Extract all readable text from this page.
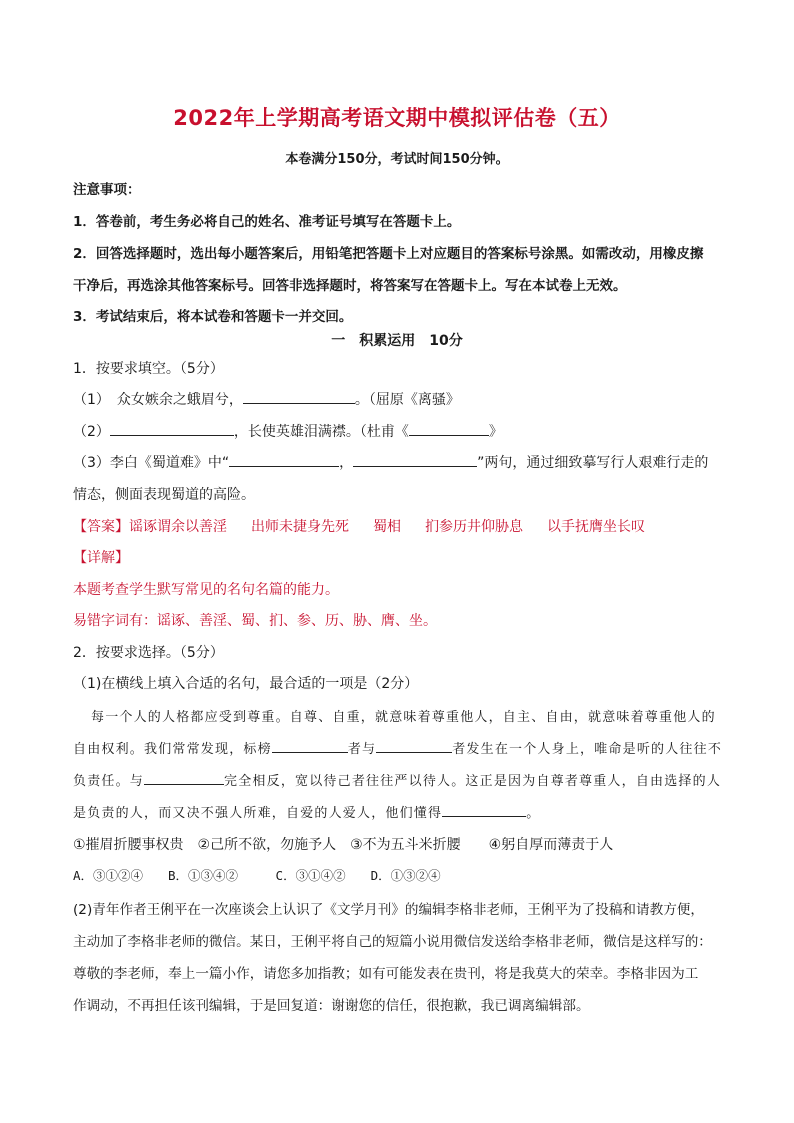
2022年上学期高考语文期中模拟评估卷（五）
本卷满分150分，考试时间150分钟。
注意事项：
1．答卷前，考生务必将自己的姓名、准考证号填写在答题卡上。
2．回答选择题时，选出每小题答案后，用铅笔把答题卡上对应题目的答案标号涂黑。如需改动，用橡皮擦
干净后，再选涂其他答案标号。回答非选择题时，将答案写在答题卡上。写在本试卷上无效。
3．考试结束后，将本试卷和答题卡一并交回。
一　积累运用　10分
1．按要求填空。（5分）
（1）　众女嫉余之蛾眉兮，	。（屈原《离骚》
（2）	，长使英雄泪满襟。（杜甫《	》
（3）李白《蜀道难》中“	，	”两句，通过细致摹写行人艰难行走的
情态，侧面表现蜀道的高险。
【答案】谣诼谓余以善淫 出师未捷身先死 蜀相 扪参历井仰胁息 以手抚膺坐长叹
【详解】
本题考查学生默写常见的名句名篇的能力。
易错字词有：谣诼、善淫、蜀、扪、参、历、胁、膺、坐。
2．按要求选择。（5分）
（1)在横线上填入合适的名句，最合适的一项是（2分）
每一个人的人格都应受到尊重。自尊、自重，就意味着尊重他人，自主、自由，就意味着尊重他人的
自由权利。我们常常发现，标榜	者与	者发生在一个人身上，唯命是听的人往往不
负责任。与	完全相反，宽以待己者往往严以待人。这正是因为自尊者尊重人，自由选择的人
是负责的人，而又决不强人所难，自爱的人爱人，他们懂得	。
①摧眉折腰事权贵　②己所不欲，勿施予人　③不为五斗米折腰　　④躬自厚而薄责于人
A．③①②④　　B．①③④②　　　C．③①④②　　D．①③②④
(2)青年作者王俐平在一次座谈会上认识了《文学月刊》的编辑李格非老师，王俐平为了投稿和请教方便，
主动加了李格非老师的微信。某日，王俐平将自己的短篇小说用微信发送给李格非老师，微信是这样写的：
尊敬的李老师，奉上一篇小作，请您多加指教；如有可能发表在贵刊，将是我莫大的荣幸。李格非因为工
作调动，不再担任该刊编辑，于是回复道：谢谢您的信任，很抱歉，我已调离编辑部。
